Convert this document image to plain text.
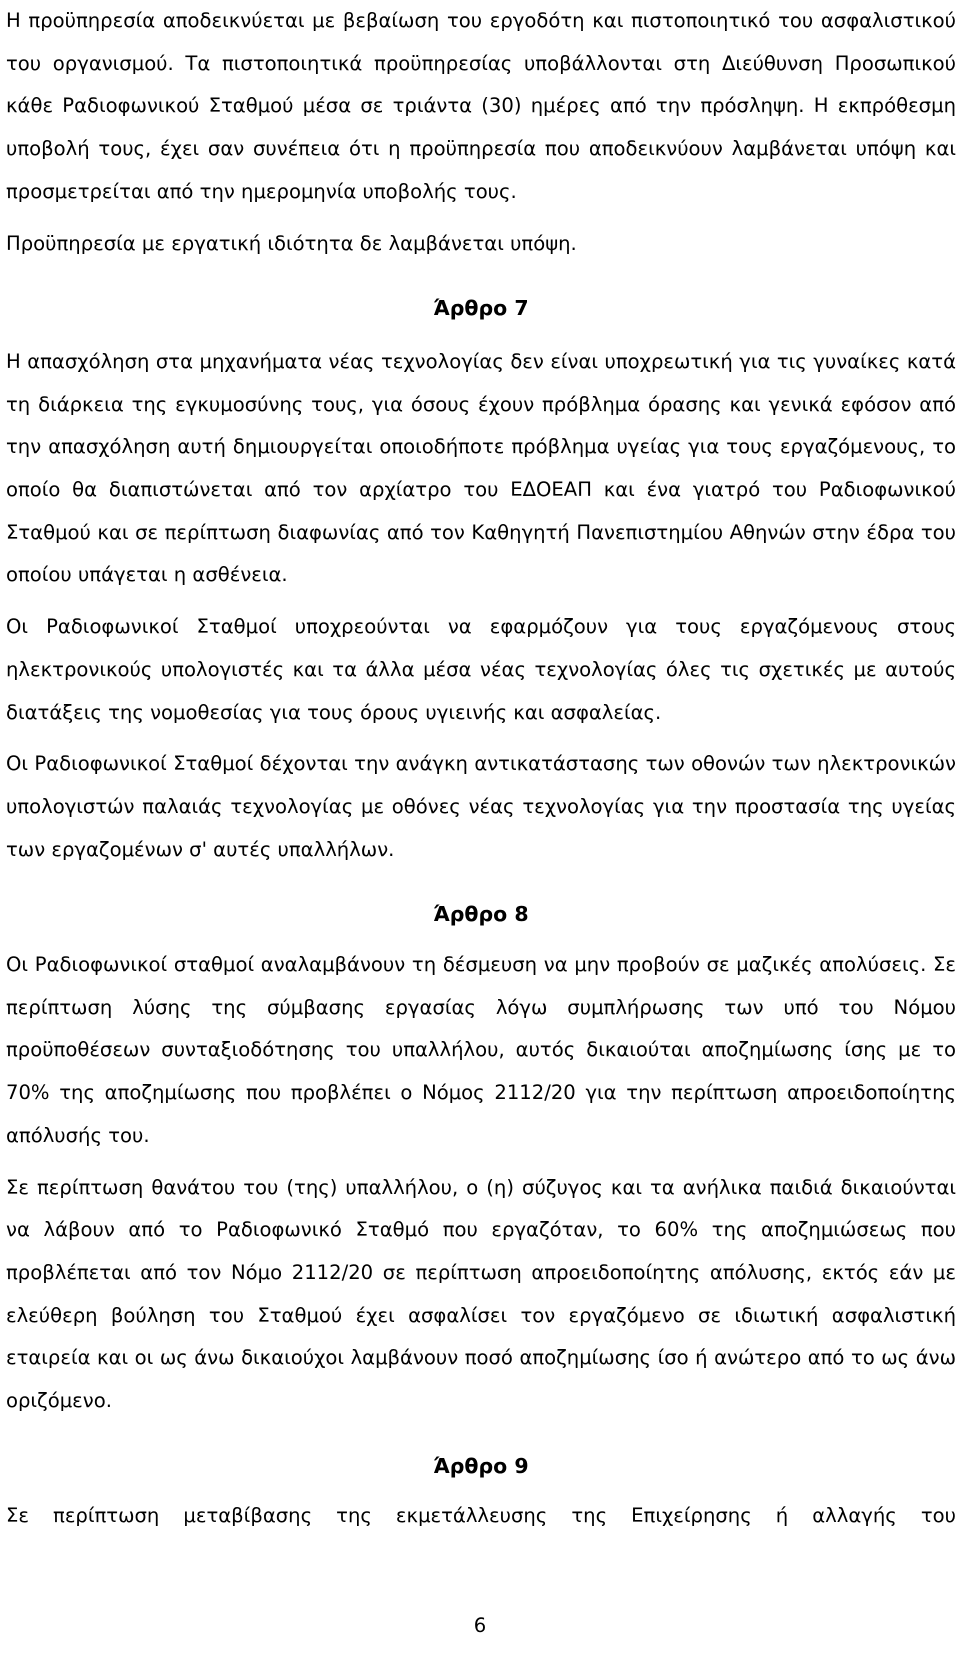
Η προϋπηρεσία αποδεικνύεται με βεβαίωση του εργοδότη και πιστοποιητικό του ασφαλιστικού του οργανισμού. Τα πιστοποιητικά προϋπηρεσίας υποβάλλονται στη Διεύθυνση Προσωπικού κάθε Ραδιοφωνικού Σταθμού μέσα σε τριάντα (30) ημέρες από την πρόσληψη. Η εκπρόθεσμη υποβολή τους, έχει σαν συνέπεια ότι η προϋπηρεσία που αποδεικνύουν λαμβάνεται υπόψη και προσμετρείται από την ημερομηνία υποβολής τους.

Προϋπηρεσία με εργατική ιδιότητα δε λαμβάνεται υπόψη.

Άρθρο 7

Η απασχόληση στα μηχανήματα νέας τεχνολογίας δεν είναι υποχρεωτική για τις γυναίκες κατά τη διάρκεια της εγκυμοσύνης τους, για όσους έχουν πρόβλημα όρασης και γενικά εφόσον από την απασχόληση αυτή δημιουργείται οποιοδήποτε πρόβλημα υγείας για τους εργαζόμενους, το οποίο θα διαπιστώνεται από τον αρχίατρο του ΕΔΟΕΑΠ και ένα γιατρό του Ραδιοφωνικού Σταθμού και σε περίπτωση διαφωνίας από τον Καθηγητή Πανεπιστημίου Αθηνών στην έδρα του οποίου υπάγεται η ασθένεια.

Οι Ραδιοφωνικοί Σταθμοί υποχρεούνται να εφαρμόζουν για τους εργαζόμενους στους ηλεκτρονικούς υπολογιστές και τα άλλα μέσα νέας τεχνολογίας όλες τις σχετικές με αυτούς διατάξεις της νομοθεσίας για τους όρους υγιεινής και ασφαλείας.

Οι Ραδιοφωνικοί Σταθμοί δέχονται την ανάγκη αντικατάστασης των οθονών των ηλεκτρονικών υπολογιστών παλαιάς τεχνολογίας με οθόνες νέας τεχνολογίας για την προστασία της υγείας των εργαζομένων σ' αυτές υπαλλήλων.

Άρθρο 8

Οι Ραδιοφωνικοί σταθμοί αναλαμβάνουν τη δέσμευση να μην προβούν σε μαζικές απολύσεις. Σε περίπτωση λύσης της σύμβασης εργασίας λόγω συμπλήρωσης των υπό του Νόμου προϋποθέσεων συνταξιοδότησης του υπαλλήλου, αυτός δικαιούται αποζημίωσης ίσης με το 70% της αποζημίωσης που προβλέπει ο Νόμος 2112/20 για την περίπτωση απροειδοποίητης απόλυσής του.

Σε περίπτωση θανάτου του (της) υπαλλήλου, ο (η) σύζυγος και τα ανήλικα παιδιά δικαιούνται να λάβουν από το Ραδιοφωνικό Σταθμό που εργαζόταν, το 60% της αποζημιώσεως που προβλέπεται από τον Νόμο 2112/20 σε περίπτωση απροειδοποίητης απόλυσης, εκτός εάν με ελεύθερη βούληση του Σταθμού έχει ασφαλίσει τον εργαζόμενο σε ιδιωτική ασφαλιστική εταιρεία και οι ως άνω δικαιούχοι λαμβάνουν ποσό αποζημίωσης ίσο ή ανώτερο από το ως άνω οριζόμενο.

Άρθρο 9

Σε περίπτωση μεταβίβασης της εκμετάλλευσης της Επιχείρησης ή αλλαγής του

6
